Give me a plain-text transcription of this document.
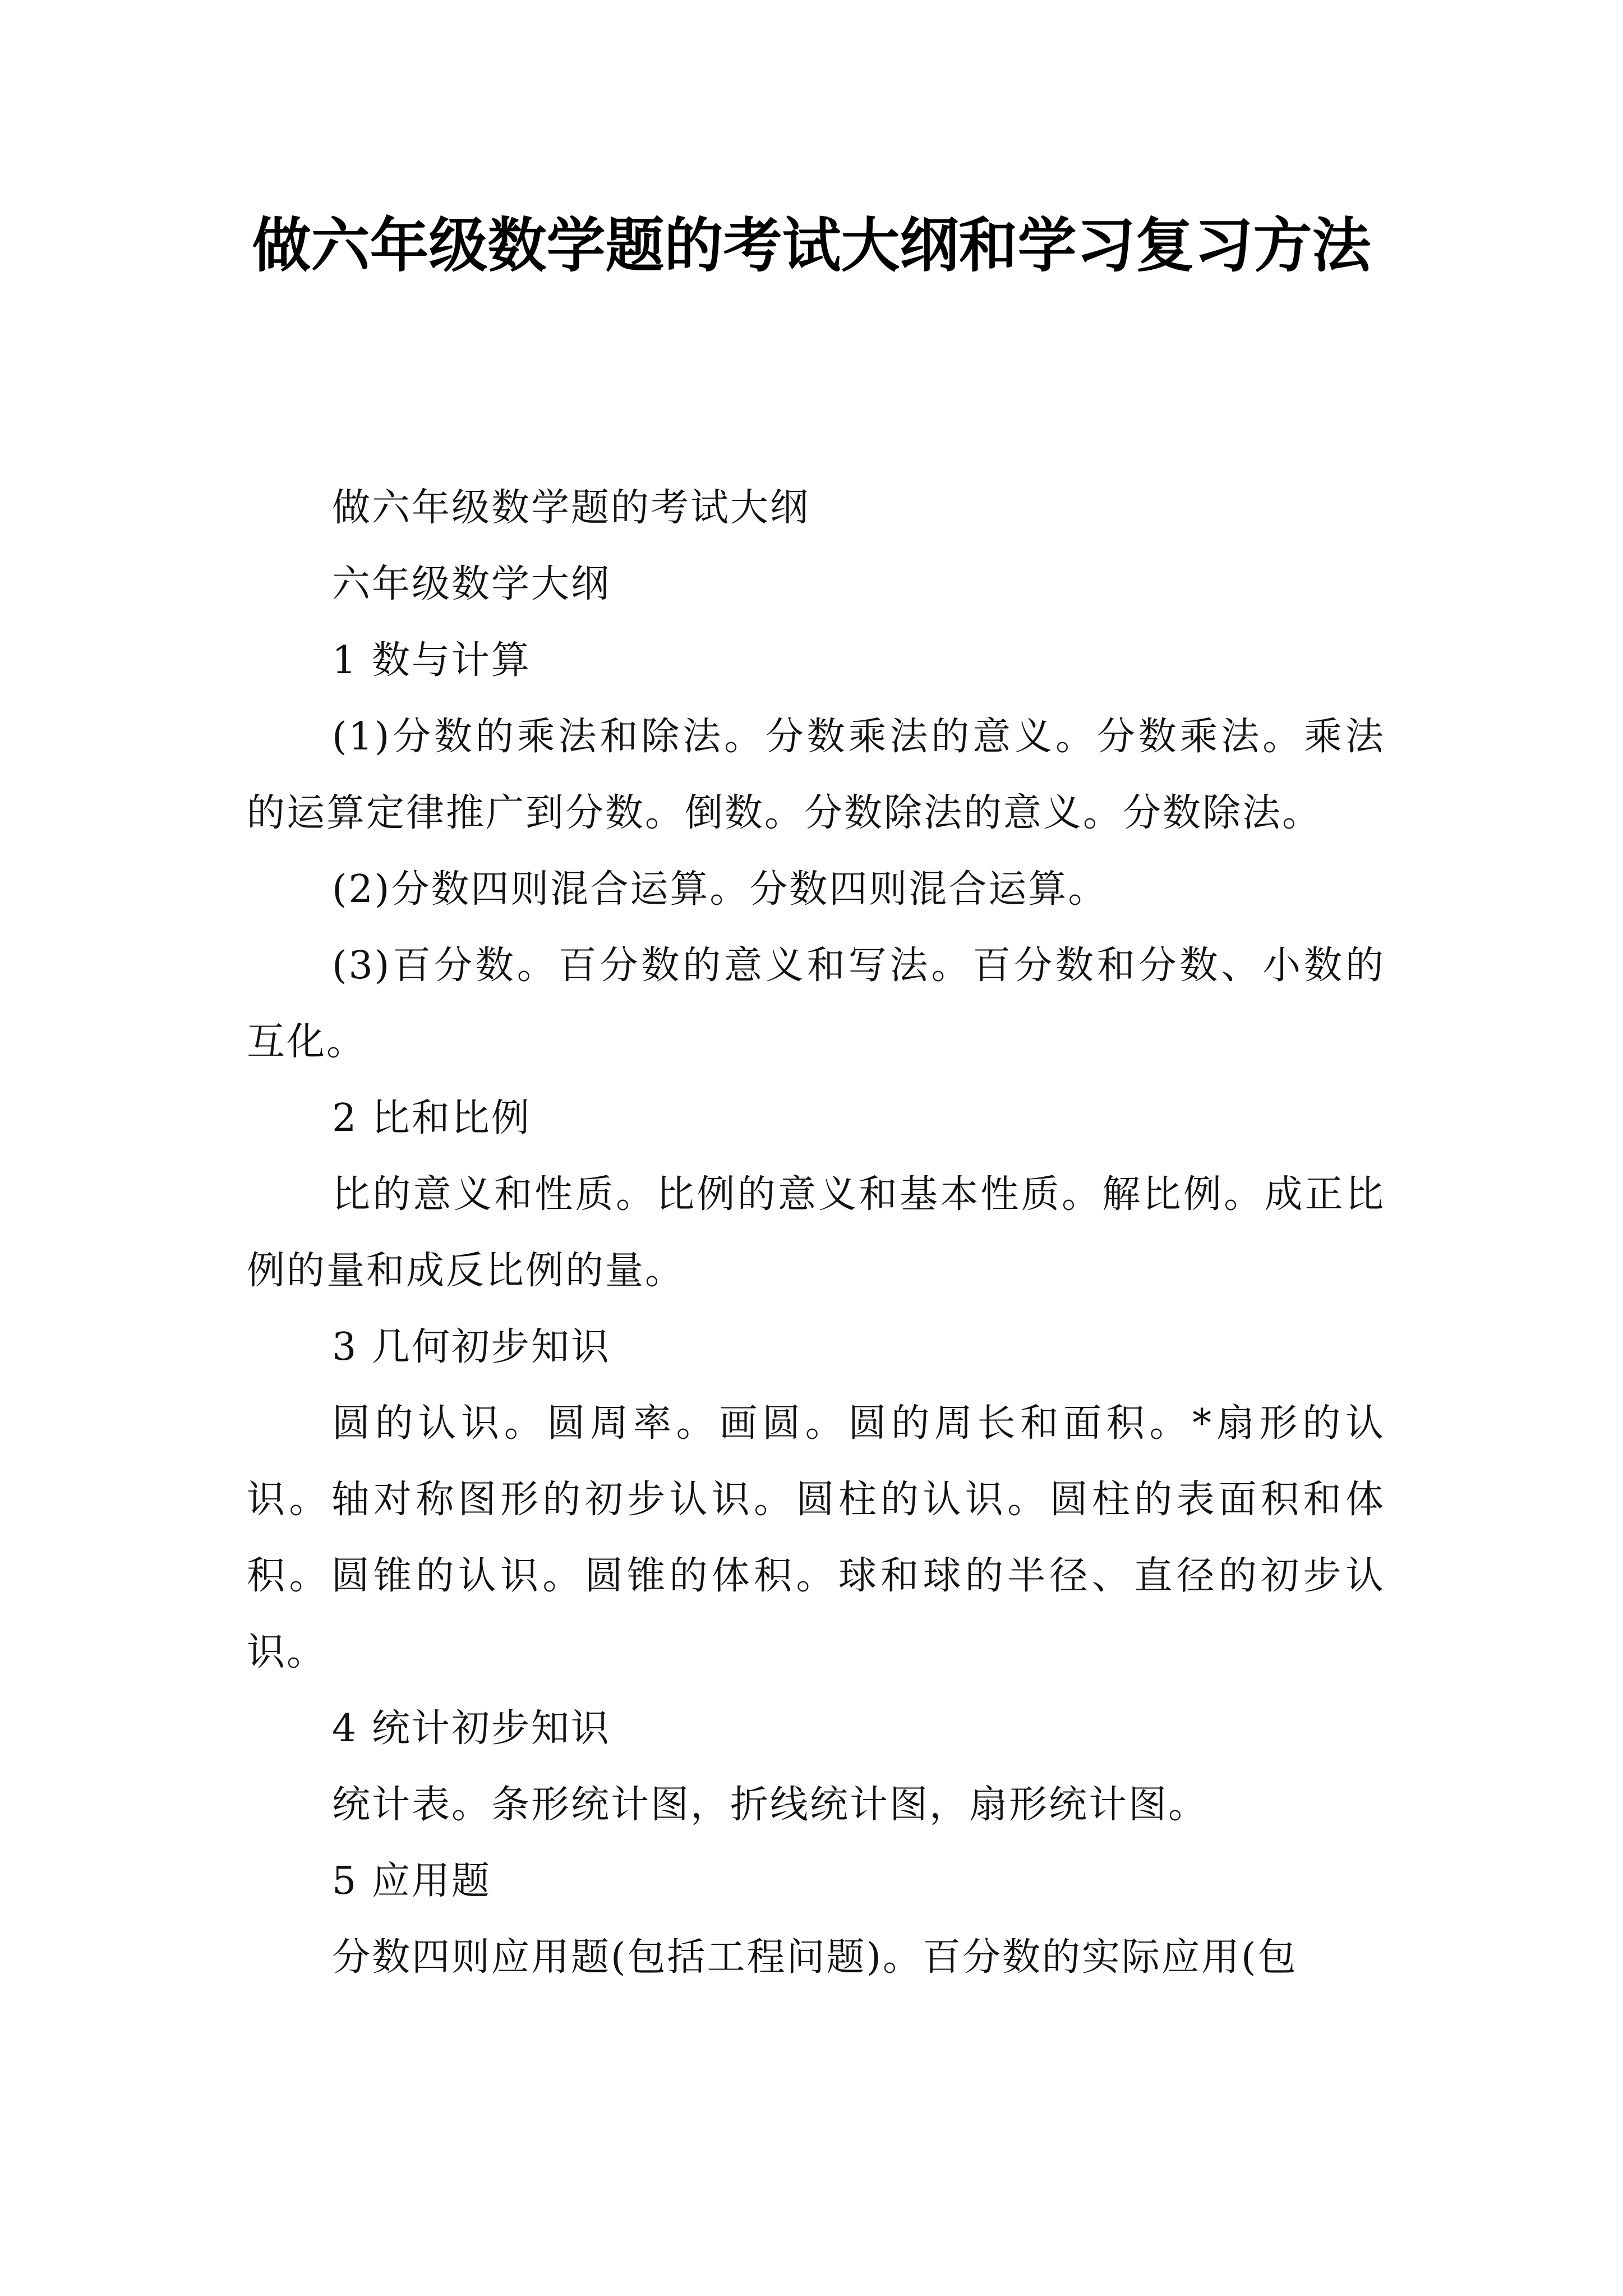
做六年级数学题的考试大纲和学习复习方法

做六年级数学题的考试大纲

六年级数学大纲

1 数与计算

(1)分数的乘法和除法。分数乘法的意义。分数乘法。乘法的运算定律推广到分数。倒数。分数除法的意义。分数除法。

(2)分数四则混合运算。分数四则混合运算。

(3)百分数。百分数的意义和写法。百分数和分数、小数的互化。

2 比和比例

比的意义和性质。比例的意义和基本性质。解比例。成正比例的量和成反比例的量。

3 几何初步知识

圆的认识。圆周率。画圆。圆的周长和面积。*扇形的认识。轴对称图形的初步认识。圆柱的认识。圆柱的表面积和体积。圆锥的认识。圆锥的体积。球和球的半径、直径的初步认识。

4 统计初步知识

统计表。条形统计图，折线统计图，扇形统计图。

5 应用题

分数四则应用题(包括工程问题)。百分数的实际应用(包
